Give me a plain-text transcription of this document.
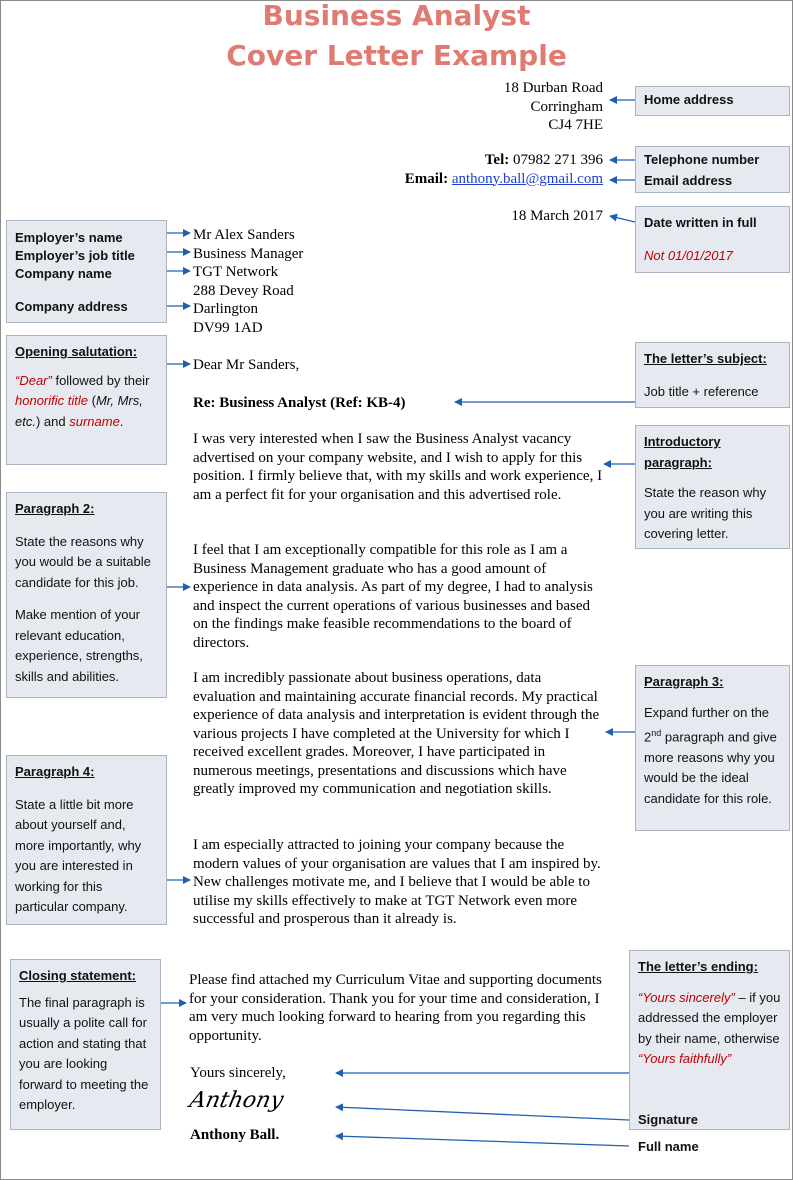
Business Analyst
Cover Letter Example
18 Durban Road
Corringham
CJ4 7HE
Tel: 07982 271 396
Email: anthony.ball@gmail.com
18 March 2017
Mr Alex Sanders
Business Manager
TGT Network
288 Devey Road
Darlington
DV99 1AD
Dear Mr Sanders,
Re: Business Analyst (Ref: KB-4)
I was very interested when I saw the Business Analyst vacancy advertised on your company website, and I wish to apply for this position. I firmly believe that, with my skills and work experience, I am a perfect fit for your organisation and this advertised role.
I feel that I am exceptionally compatible for this role as I am a Business Management graduate who has a good amount of experience in data analysis. As part of my degree, I had to analysis and inspect the current operations of various businesses and based on the findings make feasible recommendations to the board of directors.
I am incredibly passionate about business operations, data evaluation and maintaining accurate financial records. My practical experience of data analysis and interpretation is evident through the various projects I have completed at the University for which I received excellent grades. Moreover, I have participated in numerous meetings, presentations and discussions which have greatly improved my communication and negotiation skills.
I am especially attracted to joining your company because the modern values of your organisation are values that I am inspired by. New challenges motivate me, and I believe that I would be able to utilise my skills effectively to make at TGT Network even more successful and prosperous than it already is.
Please find attached my Curriculum Vitae and supporting documents for your consideration. Thank you for your time and consideration, I am very much looking forward to hearing from you regarding this opportunity.
Yours sincerely,
Anthony
Anthony Ball.
Home address
Telephone number
Email address
Date written in full
Not 01/01/2017
The letter’s subject:
Job title + reference
Introductory paragraph:
State the reason why you are writing this covering letter.
Paragraph 3:
Expand further on the 2nd paragraph and give more reasons why you would be the ideal candidate for this role.
The letter’s ending:
“Yours sincerely” – if you addressed the employer by their name, otherwise “Yours faithfully”
Signature
Full name
Employer’s name
Employer’s job title
Company name
Company address
Opening salutation:
“Dear” followed by their honorific title (Mr, Mrs, etc.) and surname.
Paragraph 2:
State the reasons why you would be a suitable candidate for this job.
Make mention of your relevant education, experience, strengths, skills and abilities.
Paragraph 4:
State a little bit more about yourself and, more importantly, why you are interested in working for this particular company.
Closing statement:
The final paragraph is usually a polite call for action and stating that you are looking forward to meeting the employer.
